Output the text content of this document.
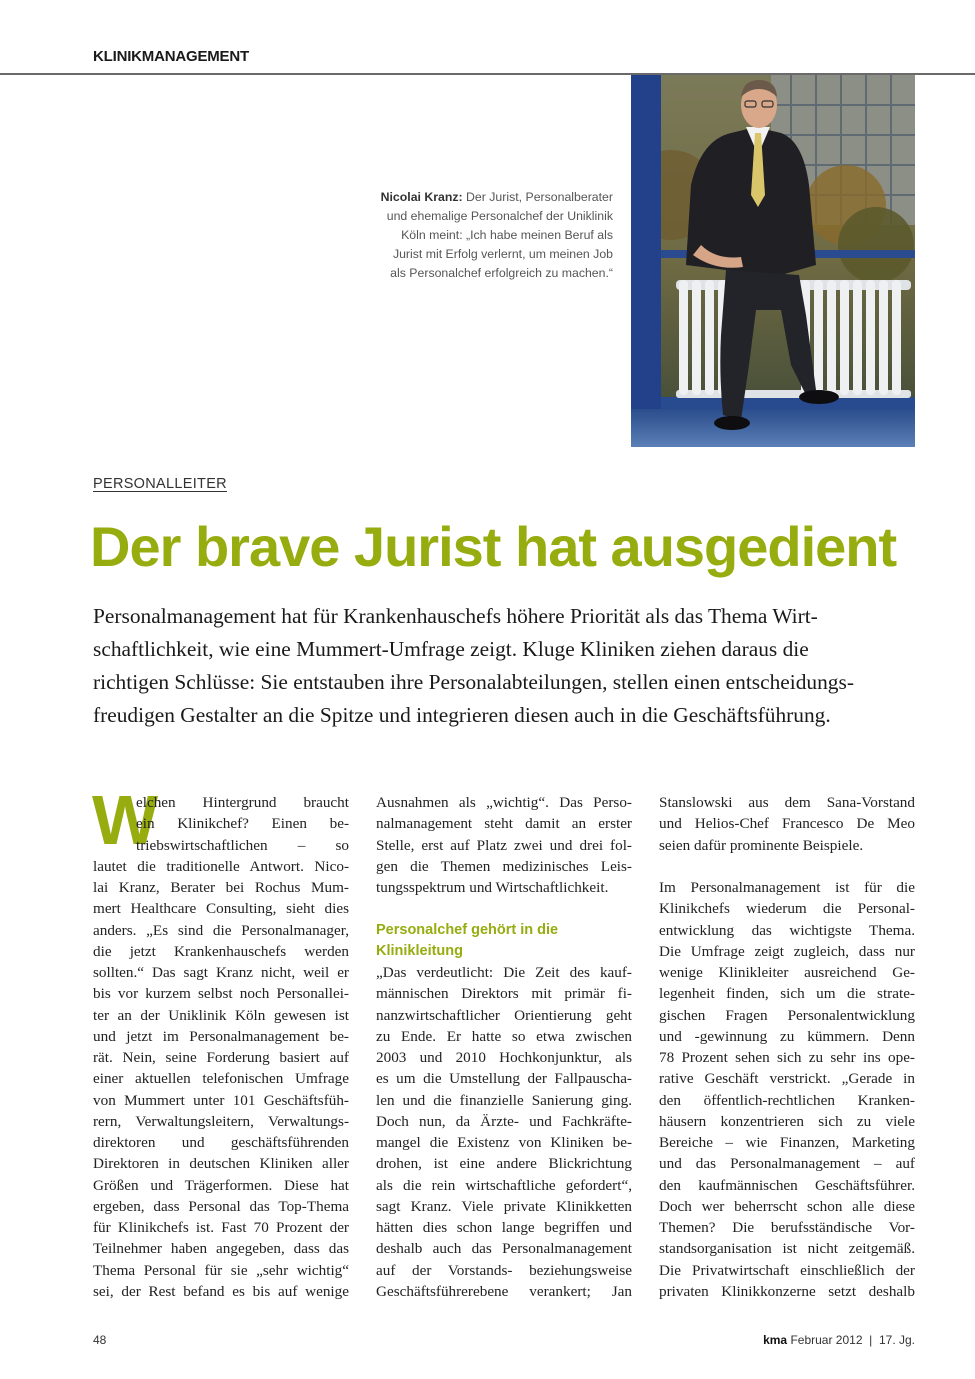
KLINIKMANAGEMENT
Nicolai Kranz: Der Jurist, Personalberater
und ehemalige Personalchef der Uniklinik
Köln meint: „Ich habe meinen Beruf als
Jurist mit Erfolg verlernt, um meinen Job
als Personalchef erfolgreich zu machen.“
PERSONALLEITER
Der brave Jurist hat ausgedient
Personalmanagement hat für Krankenhauschefs höhere Priorität als das Thema Wirt-
schaftlichkeit, wie eine Mummert-Umfrage zeigt. Kluge Kliniken ziehen daraus die
richtigen Schlüsse: Sie entstauben ihre Personalabteilungen, stellen einen entscheidungs-
freudigen Gestalter an die Spitze und integrieren diesen auch in die Geschäftsführung.
W
elchen Hintergrund braucht
ein Klinikchef? Einen be-
triebswirtschaftlichen – so
lautet die traditionelle Antwort. Nico-
lai Kranz, Berater bei Rochus Mum-
mert Healthcare Consulting, sieht dies
anders. „Es sind die Personalmanager,
die jetzt Krankenhauschefs werden
sollten.“ Das sagt Kranz nicht, weil er
bis vor kurzem selbst noch Personallei-
ter an der Uniklinik Köln gewesen ist
und jetzt im Personalmanagement be-
rät. Nein, seine Forderung basiert auf
einer aktuellen telefonischen Umfrage
von Mummert unter 101 Geschäftsfüh-
rern, Verwaltungsleitern, Verwaltungs-
direktoren und geschäftsführenden
Direktoren in deutschen Kliniken aller
Größen und Trägerformen. Diese hat
ergeben, dass Personal das Top-Thema
für Klinikchefs ist. Fast 70 Prozent der
Teilnehmer haben angegeben, dass das
Thema Personal für sie „sehr wichtig“
sei, der Rest befand es bis auf wenige
Ausnahmen als „wichtig“. Das Perso-
nalmanagement steht damit an erster
Stelle, erst auf Platz zwei und drei fol-
gen die Themen medizinisches Leis-
tungsspektrum und Wirtschaftlichkeit.
Personalchef gehört in die
Klinikleitung
„Das verdeutlicht: Die Zeit des kauf-
männischen Direktors mit primär fi-
nanzwirtschaftlicher Orientierung geht
zu Ende. Er hatte so etwa zwischen
2003 und 2010 Hochkonjunktur, als
es um die Umstellung der Fallpauscha-
len und die finanzielle Sanierung ging.
Doch nun, da Ärzte- und Fachkräfte-
mangel die Existenz von Kliniken be-
drohen, ist eine andere Blickrichtung
als die rein wirtschaftliche gefordert“,
sagt Kranz. Viele private Klinikketten
hätten dies schon lange begriffen und
deshalb auch das Personalmanagement
auf der Vorstands- beziehungsweise
Geschäftsführerebene verankert; Jan
Stanslowski aus dem Sana-Vorstand
und Helios-Chef Francesco De Meo
seien dafür prominente Beispiele.
Im Personalmanagement ist für die
Klinikchefs wiederum die Personal-
entwicklung das wichtigste Thema.
Die Umfrage zeigt zugleich, dass nur
wenige Klinikleiter ausreichend Ge-
legenheit finden, sich um die strate-
gischen Fragen Personalentwicklung
und -gewinnung zu kümmern. Denn
78 Prozent sehen sich zu sehr ins ope-
rative Geschäft verstrickt. „Gerade in
den öffentlich-rechtlichen Kranken-
häusern konzentrieren sich zu viele
Bereiche – wie Finanzen, Marketing
und das Personalmanagement – auf
den kaufmännischen Geschäftsführer.
Doch wer beherrscht schon alle diese
Themen? Die berufsständische Vor-
standsorganisation ist nicht zeitgemäß.
Die Privatwirtschaft einschließlich der
privaten Klinikkonzerne setzt deshalb
48	kma Februar 2012 | 17. Jg.
